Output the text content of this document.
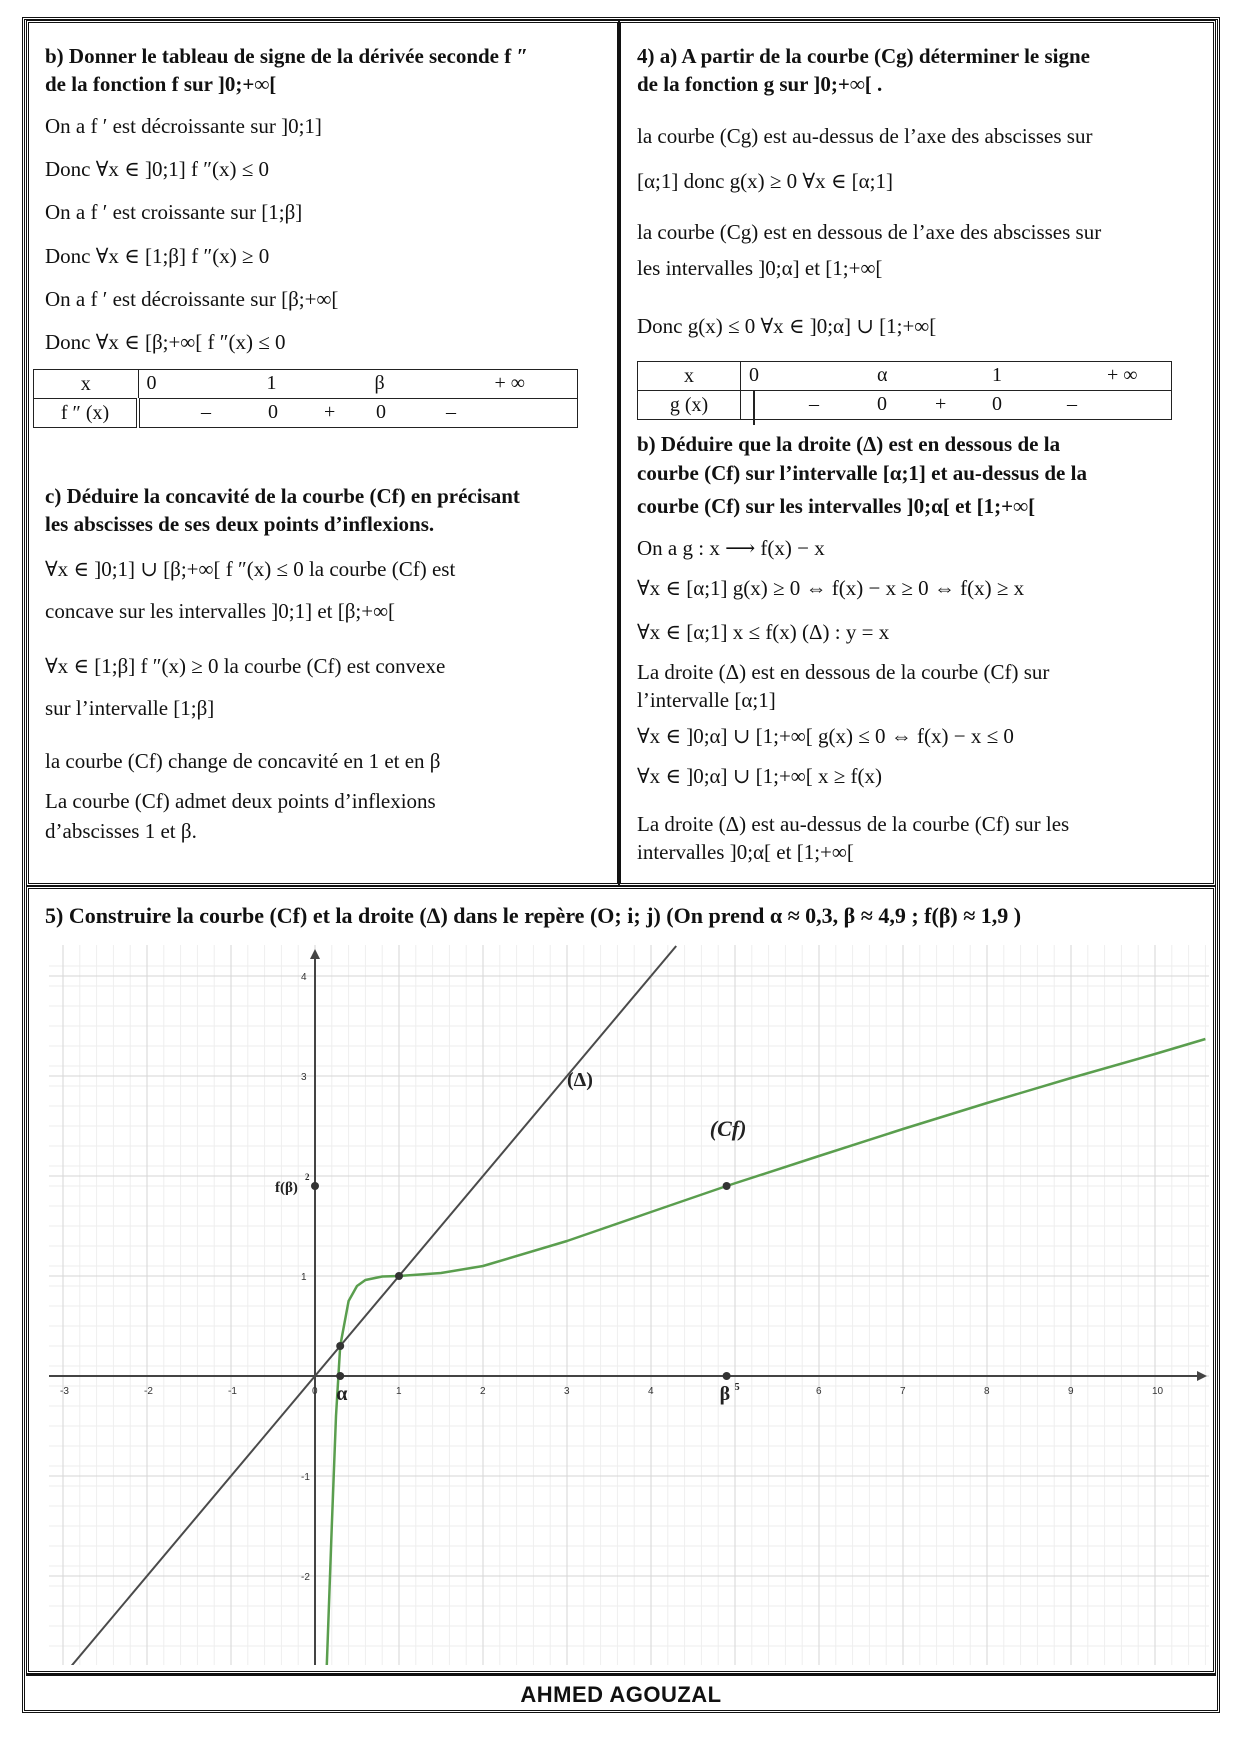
b) Donner le tableau de signe de la dérivée seconde f ″
de la fonction f sur ]0;+∞[
On a f ′ est décroissante sur ]0;1]
Donc ∀x ∈ ]0;1] f ″(x) ≤ 0
On a f ′ est croissante sur [1;β]
Donc ∀x ∈ [1;β] f ″(x) ≥ 0
On a f ′ est décroissante sur [β;+∞[
Donc ∀x ∈ [β;+∞[ f ″(x) ≤ 0
x	0 1 β + ∞

f ″ (x)	– 0 + 0 –
c) Déduire la concavité de la courbe (Cf) en précisant
les abscisses de ses deux points d’inflexions.
∀x ∈ ]0;1] ∪ [β;+∞[ f ″(x) ≤ 0 la courbe (Cf) est
concave sur les intervalles ]0;1] et [β;+∞[
∀x ∈ [1;β] f ″(x) ≥ 0 la courbe (Cf) est convexe
sur l’intervalle [1;β]
la courbe (Cf) change de concavité en 1 et en β
La courbe (Cf) admet deux points d’inflexions
d’abscisses 1 et β.
4) a) A partir de la courbe (Cg) déterminer le signe
de la fonction g sur ]0;+∞[ .
la courbe (Cg) est au-dessus de l’axe des abscisses sur
[α;1] donc g(x) ≥ 0 ∀x ∈ [α;1]
la courbe (Cg) est en dessous de l’axe des abscisses sur
les intervalles ]0;α] et [1;+∞[
Donc g(x) ≤ 0 ∀x ∈ ]0;α] ∪ [1;+∞[
x	0 α 1 + ∞

g (x)	– 0 + 0 –
b) Déduire que la droite (Δ) est en dessous de la
courbe (Cf) sur l’intervalle [α;1] et au-dessus de la
courbe (Cf) sur les intervalles ]0;α[ et [1;+∞[
On a g : x ⟶ f(x) − x
∀x ∈ [α;1] g(x) ≥ 0 ⇔ f(x) − x ≥ 0 ⇔ f(x) ≥ x
∀x ∈ [α;1] x ≤ f(x) (Δ) : y = x
La droite (Δ) est en dessous de la courbe (Cf) sur
l’intervalle [α;1]
∀x ∈ ]0;α] ∪ [1;+∞[ g(x) ≤ 0 ⇔ f(x) − x ≤ 0
∀x ∈ ]0;α] ∪ [1;+∞[ x ≥ f(x)
La droite (Δ) est au-dessus de la courbe (Cf) sur les
intervalles ]0;α[ et [1;+∞[
5) Construire la courbe (Cf) et la droite (Δ) dans le repère (O; i; j) (On prend α ≈ 0,3, β ≈ 4,9 ; f(β) ≈ 1,9 )
-3	-2	-1	0	1	2	3	4	6	7	8	9	10
-2
-1
1
3
4
α	β 5
f(β)
2
(Δ)
(Cf)
AHMED AGOUZAL
